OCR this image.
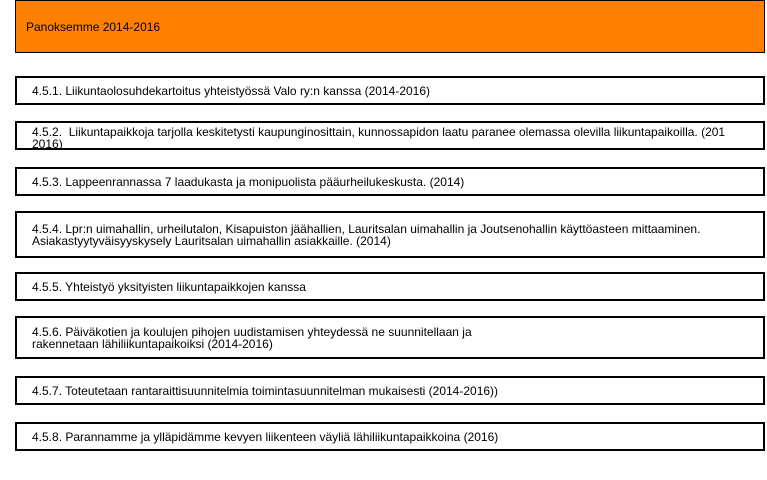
Panoksemme 2014-2016
4.5.1. Liikuntaolosuhdekartoitus yhteistyössä Valo ry:n kanssa (2014-2016)
4.5.2.  Liikuntapaikkoja tarjolla keskitetysti kaupunginosittain, kunnossapidon laatu paranee olemassa olevilla liikuntapaikoilla. (201
2016)
4.5.3. Lappeenrannassa 7 laadukasta ja monipuolista pääurheilukeskusta. (2014)
4.5.4. Lpr:n uimahallin, urheilutalon, Kisapuiston jäähallien, Lauritsalan uimahallin ja Joutsenohallin käyttöasteen mittaaminen.
Asiakastyytyväisyyskysely Lauritsalan uimahallin asiakkaille. (2014)
4.5.5. Yhteistyö yksityisten liikuntapaikkojen kanssa
4.5.6. Päiväkotien ja koulujen pihojen uudistamisen yhteydessä ne suunnitellaan ja
rakennetaan lähiliikuntapaikoiksi (2014-2016)
4.5.7. Toteutetaan rantaraittisuunnitelmia toimintasuunnitelman mukaisesti (2014-2016))
4.5.8. Parannamme ja ylläpidämme kevyen liikenteen väyliä lähiliikuntapaikkoina (2016)
